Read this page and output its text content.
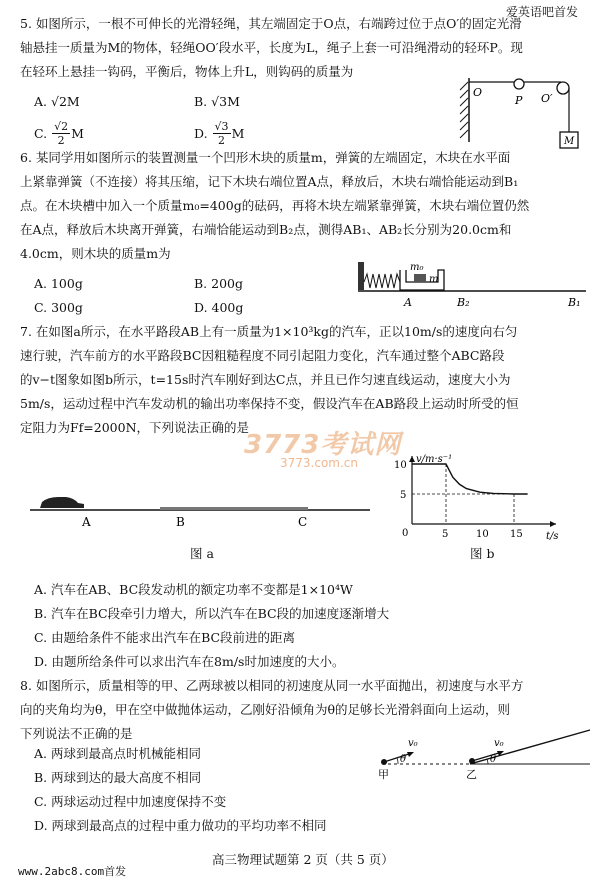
爱英语吧首发
5. 如图所示，一根不可伸长的光滑轻绳，其左端固定于O点，右端跨过位于点O′的固定光滑
轴悬挂一质量为M的物体，轻绳OO′段水平，长度为L，绳子上套一可沿绳滑动的轻环P。现
在轻环上悬挂一钩码，平衡后，物体上升L，则钩码的质量为
A. √2M	B. √3M
C. $\frac{√2}{2}$ M	D. $\frac{√3}{2}$ M
O
P O′
M
6. 某同学用如图所示的装置测量一个凹形木块的质量m，弹簧的左端固定，木块在水平面
上紧靠弹簧（不连接）将其压缩，记下木块右端位置A点，释放后，木块右端恰能运动到B₁
点。在木块槽中加入一个质量m₀=400g的砝码，再将木块左端紧靠弹簧，木块右端位置仍然
在A点，释放后木块离开弹簧，右端恰能运动到B₂点，测得AB₁、AB₂长分别为20.0cm和
4.0cm，则木块的质量m为
A. 100g	B. 200g
C. 300g	D. 400g
m₀
m
A	B₂	B₁
7. 在如图a所示，在水平路段AB上有一质量为1×10³kg的汽车，正以10m/s的速度向右匀
速行驶，汽车前方的水平路段BC因粗糙程度不同引起阻力变化，汽车通过整个ABC路段
的v−t图象如图b所示，t=15s时汽车刚好到达C点，并且已作匀速直线运动，速度大小为
5m/s，运动过程中汽车发动机的输出功率保持不变，假设汽车在AB路段上运动时所受的恒
定阻力为Ff=2000N，下列说法正确的是
A	B	C
图 a
10
5
5	10 15
v/m·s⁻¹
t/s
0
图 b
A. 汽车在AB、BC段发动机的额定功率不变都是1×10⁴W
B. 汽车在BC段牵引力增大，所以汽车在BC段的加速度逐渐增大
C. 由题给条件不能求出汽车在BC段前进的距离
D. 由题所给条件可以求出汽车在8m/s时加速度的大小。
8. 如图所示，质量相等的甲、乙两球被以相同的初速度从同一水平面抛出，初速度与水平方
向的夹角均为θ，甲在空中做抛体运动，乙刚好沿倾角为θ的足够长光滑斜面向上运动，则
下列说法不正确的是
A. 两球到最高点时机械能相同
B. 两球到达的最大高度不相同
C. 两球运动过程中加速度保持不变
D. 两球到最高点的过程中重力做功的平均功率不相同
甲	乙
v₀	v₀
θ	θ
3773考试网
3773.com.cn
高三物理试题第 2 页（共 5 页）
www.2abc8.com首发
